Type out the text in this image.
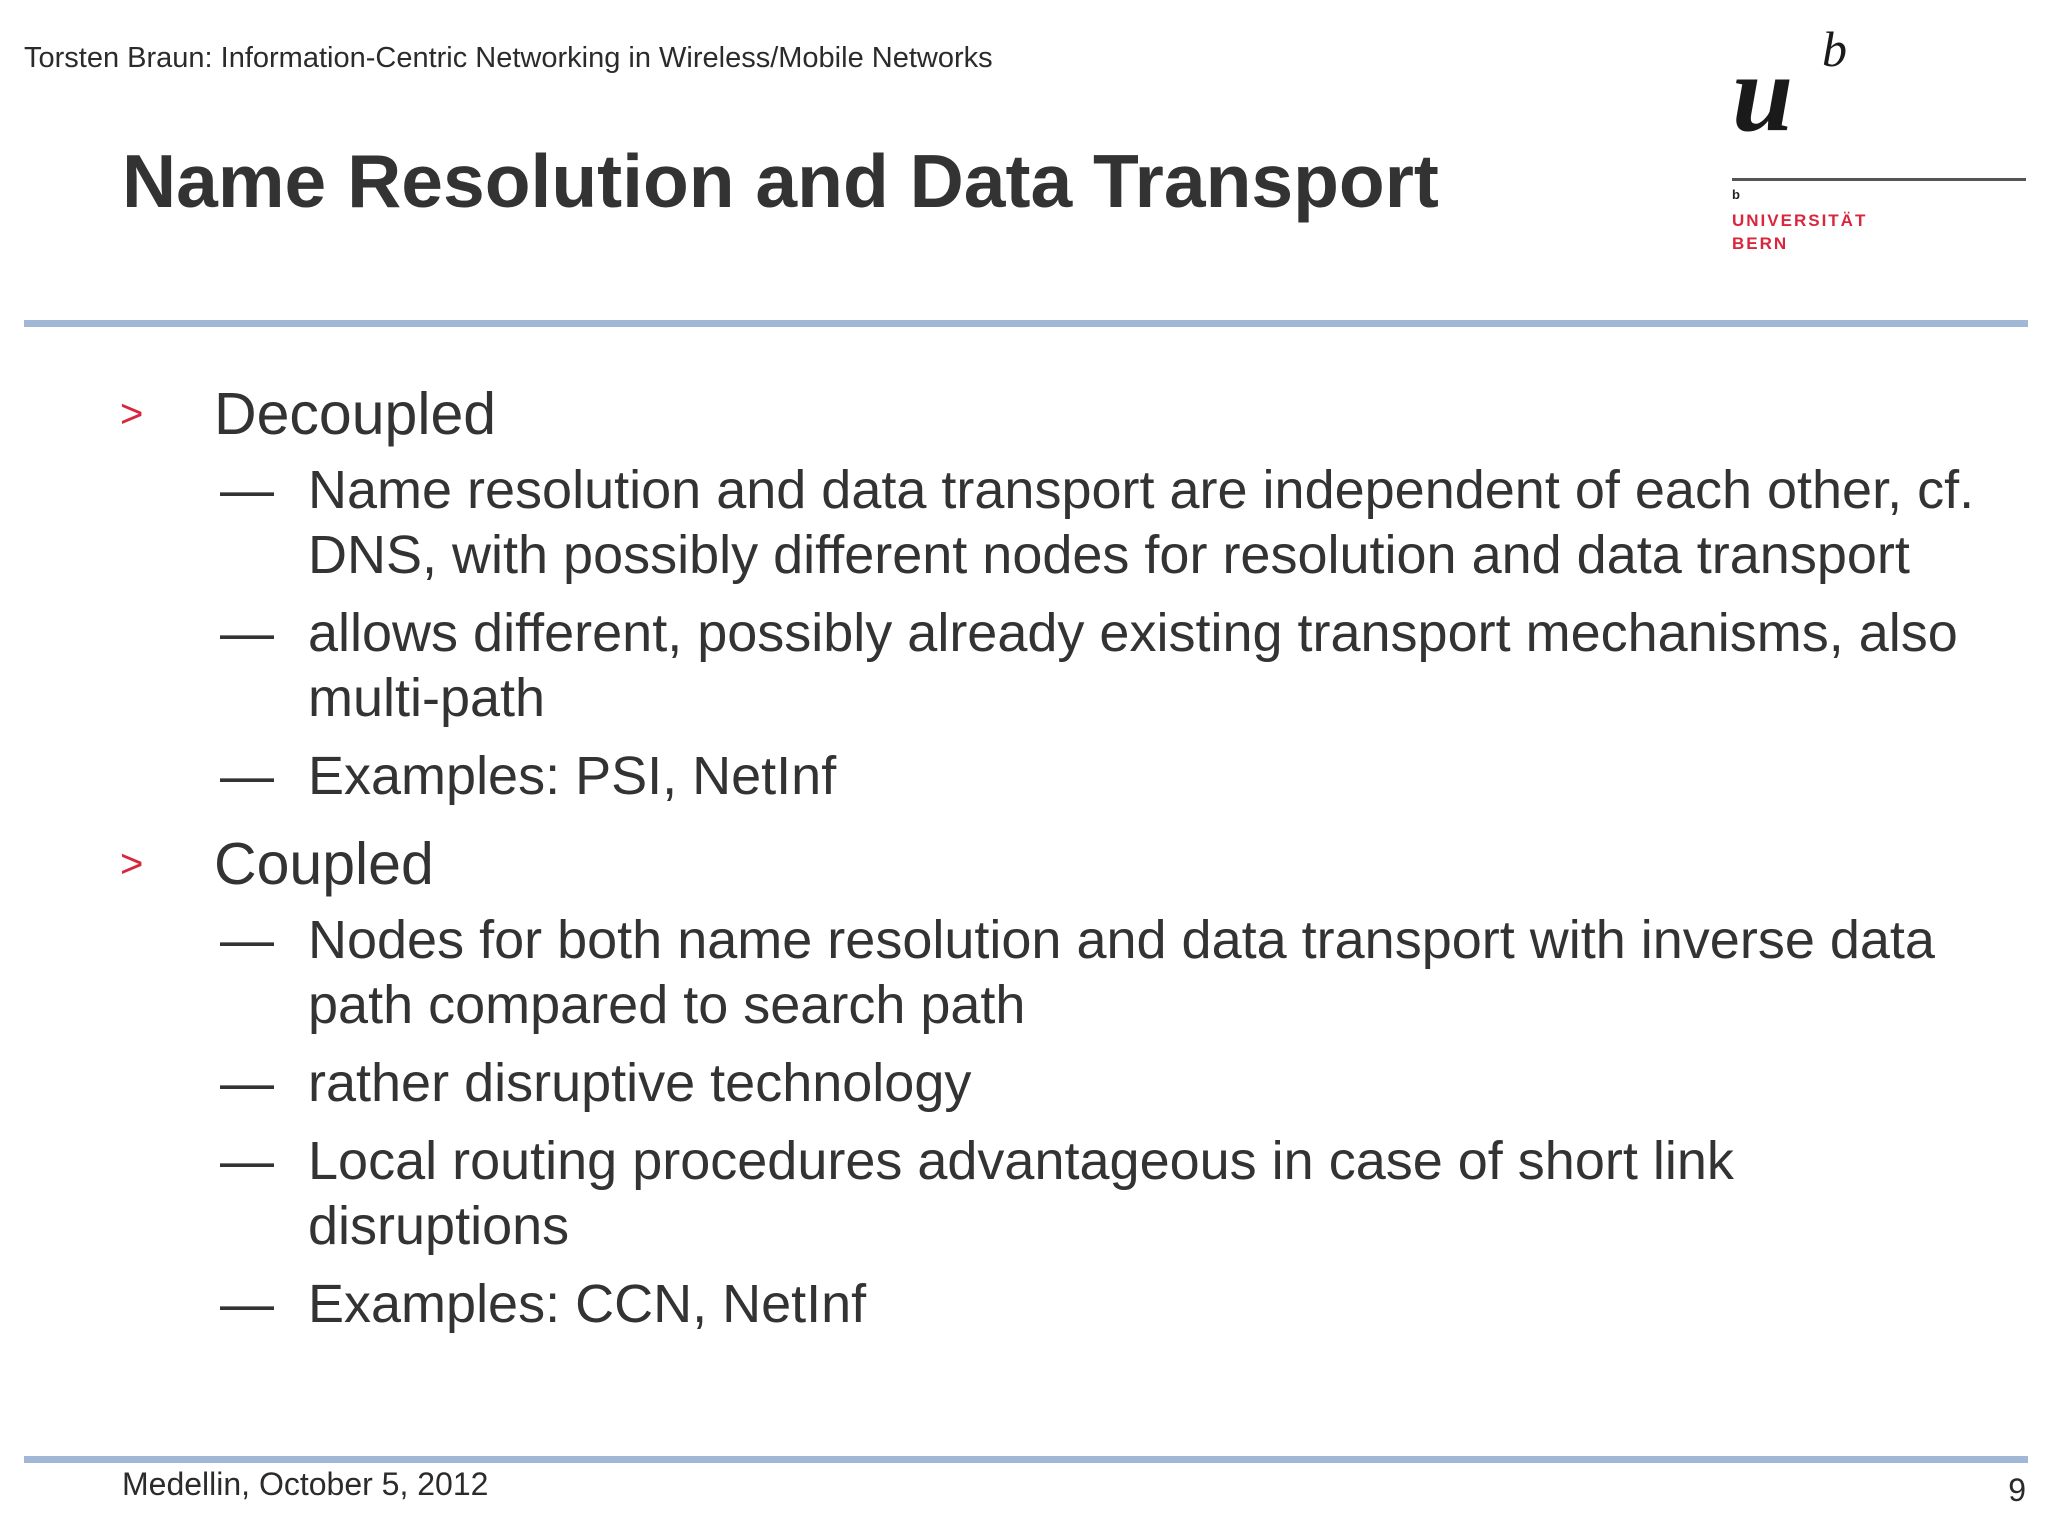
Torsten Braun: Information-Centric Networking in Wireless/Mobile Networks
Name Resolution and Data Transport
u b
b
UNIVERSITÄT
BERN
> Decoupled
— Name resolution and data transport are independent of each other, cf. DNS, with possibly different nodes for resolution and data transport
— allows different, possibly already existing transport mechanisms, also multi-path
— Examples: PSI, NetInf
> Coupled
— Nodes for both name resolution and data transport with inverse data path compared to search path
— rather disruptive technology
— Local routing procedures advantageous in case of short link disruptions
— Examples: CCN, NetInf
Medellin, October 5, 2012	9
